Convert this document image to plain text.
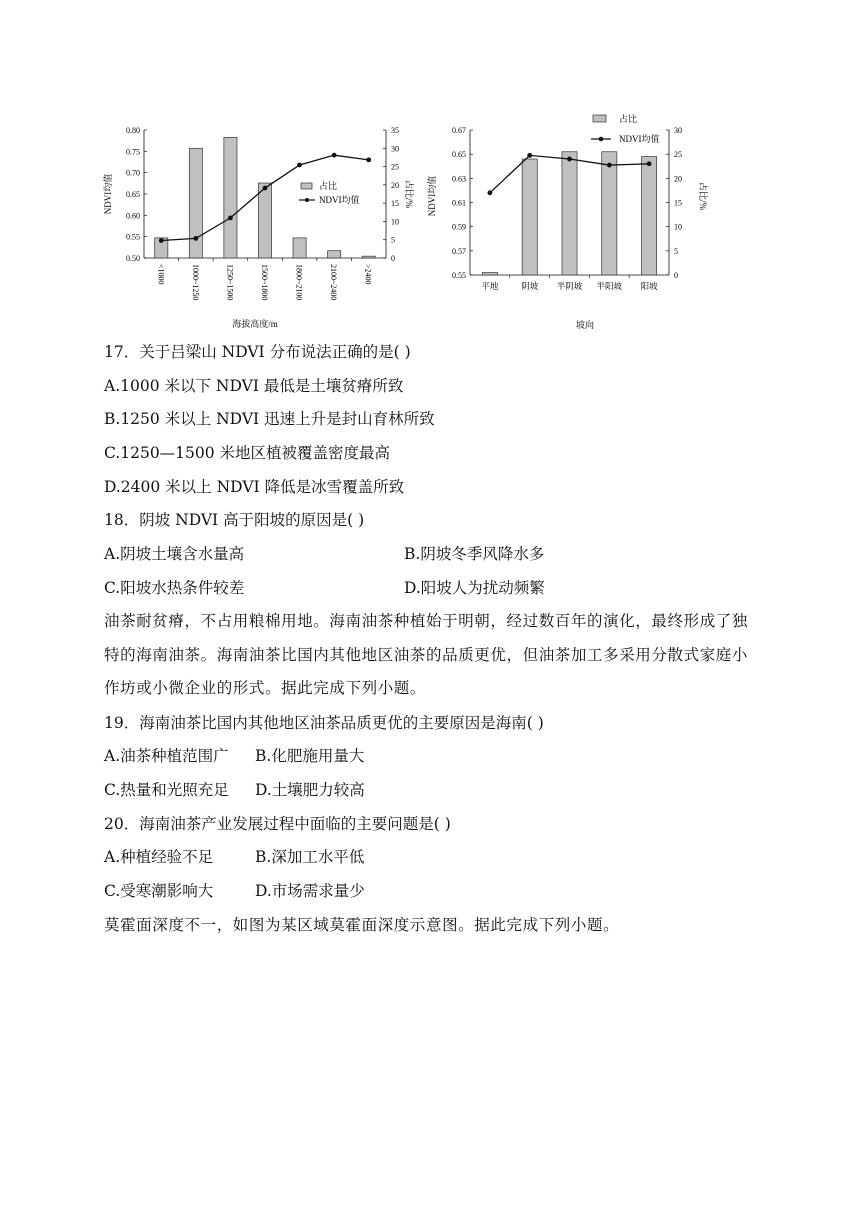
0.50
0.55
0.60
0.65
0.70
0.75
0.80
0
5
10
15
20
25
30
35
<1000	1000~1250	1250~1500	1500~1800	1800~2100	2100~2400	>2400
NDVI均值	占比/%
海拔高度/m
占比
NDVI均值
0.55
0.57
0.59
0.61
0.63
0.65
0.67
0
5
10
15
20
25
30
平地	阴坡 半阴坡 半阳坡 阳坡
NDVI均值	占比/%
坡向
占比
NDVI均值
17．关于吕梁山 NDVI 分布说法正确的是( )
A.1000 米以下 NDVI 最低是土壤贫瘠所致
B.1250 米以上 NDVI 迅速上升是封山育林所致
C.1250—1500 米地区植被覆盖密度最高
D.2400 米以上 NDVI 降低是冰雪覆盖所致
18．阴坡 NDVI 高于阳坡的原因是( )
A.阴坡土壤含水量高	B.阴坡冬季风降水多
C.阳坡水热条件较差	D.阳坡人为扰动频繁
油茶耐贫瘠，不占用粮棉用地。海南油茶种植始于明朝，经过数百年的演化，最终形成了独特的海南油茶。海南油茶比国内其他地区油茶的品质更优，但油茶加工多采用分散式家庭小作坊或小微企业的形式。据此完成下列小题。
19．海南油茶比国内其他地区油茶品质更优的主要原因是海南( )
A.油茶种植范围广 B.化肥施用量大
C.热量和光照充足 D.土壤肥力较高
20．海南油茶产业发展过程中面临的主要问题是( )
A.种植经验不足	B.深加工水平低
C.受寒潮影响大	D.市场需求量少
莫霍面深度不一，如图为某区域莫霍面深度示意图。据此完成下列小题。
